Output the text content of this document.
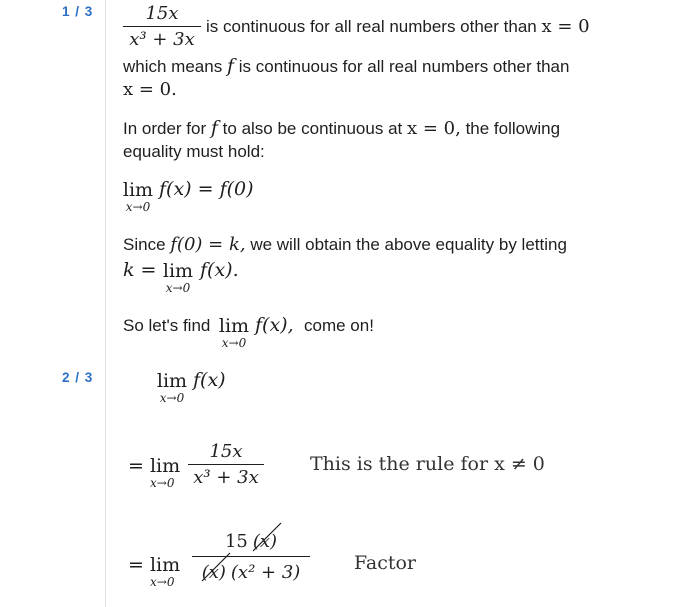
1 / 3	15x
x³ + 3x
is continuous for all real numbers other than x = 0
which means f is continuous for all real numbers other than
x = 0.
In order for f to also be continuous at x = 0, the following
equality must hold:
lim
x→0
f(x) = f(0)
Since f(0) = k, we will obtain the above equality by letting
k = lim
x→0
f(x).
So let's find lim
x→0
f(x), come on!
2 / 3	lim
x→0
f(x)
= lim
x→0
15x
x³ + 3x
This is the rule for x ≠ 0
= lim
x→0
15 (x)
(x) (x² + 3)	Factor
